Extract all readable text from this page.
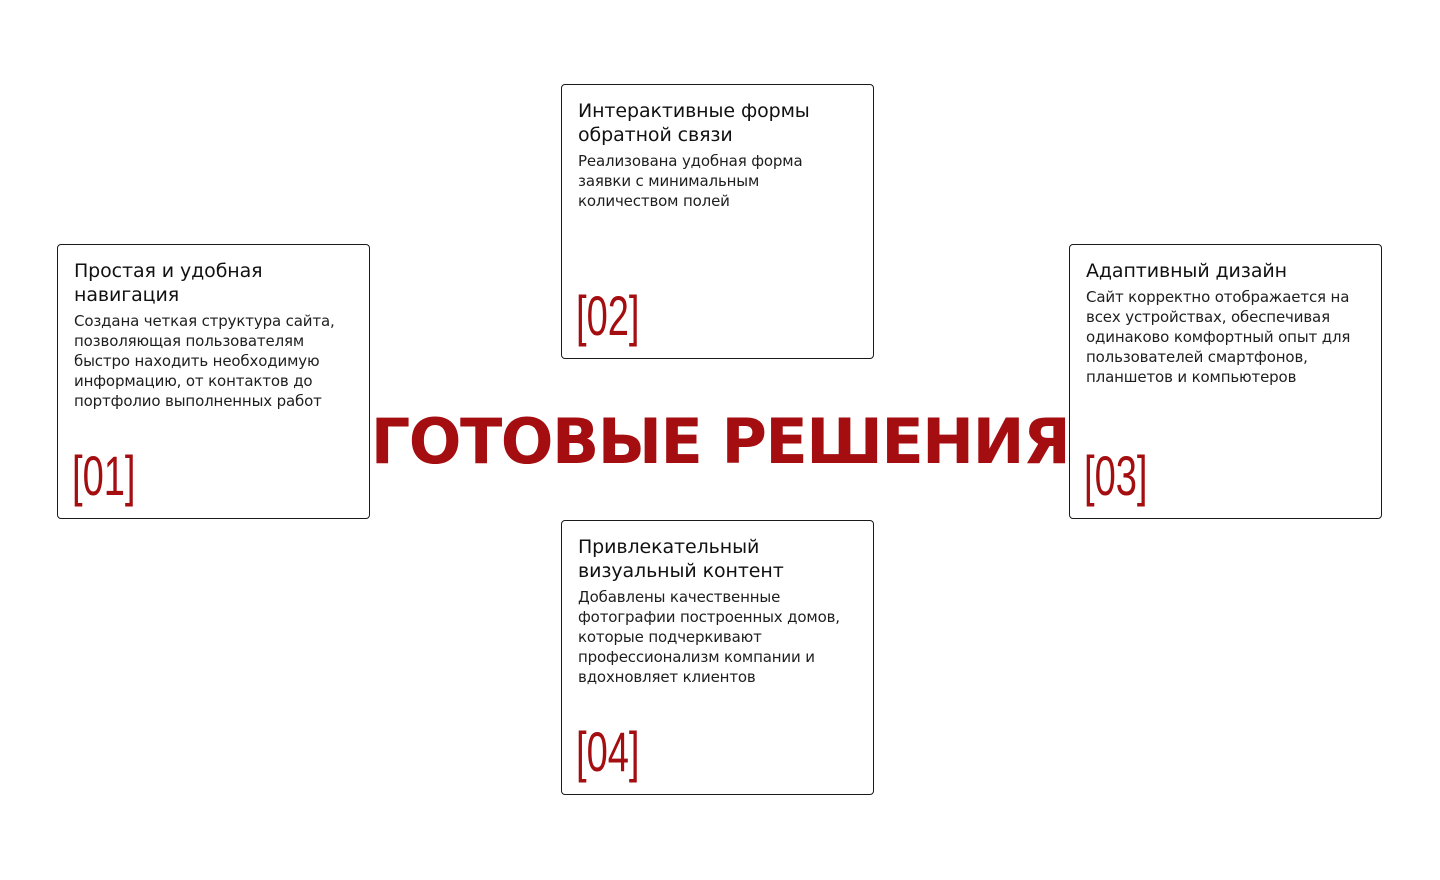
Простая и удобная навигация

Создана четкая структура сайта, позволяющая пользователям быстро находить необходимую информацию, от контактов до портфолио выполненных работ

[01]
Интерактивные формы обратной связи

Реализована удобная форма заявки с минимальным количеством полей

[02]
Адаптивный дизайн

Сайт корректно отображается на всех устройствах, обеспечивая одинаково комфортный опыт для пользователей смартфонов, планшетов и компьютеров

[03]
Привлекательный визуальный контент

Добавлены качественные фотографии построенных домов, которые подчеркивают профессионализм компании и вдохновляет клиентов

[04]
ГОТОВЫЕ РЕШЕНИЯ
